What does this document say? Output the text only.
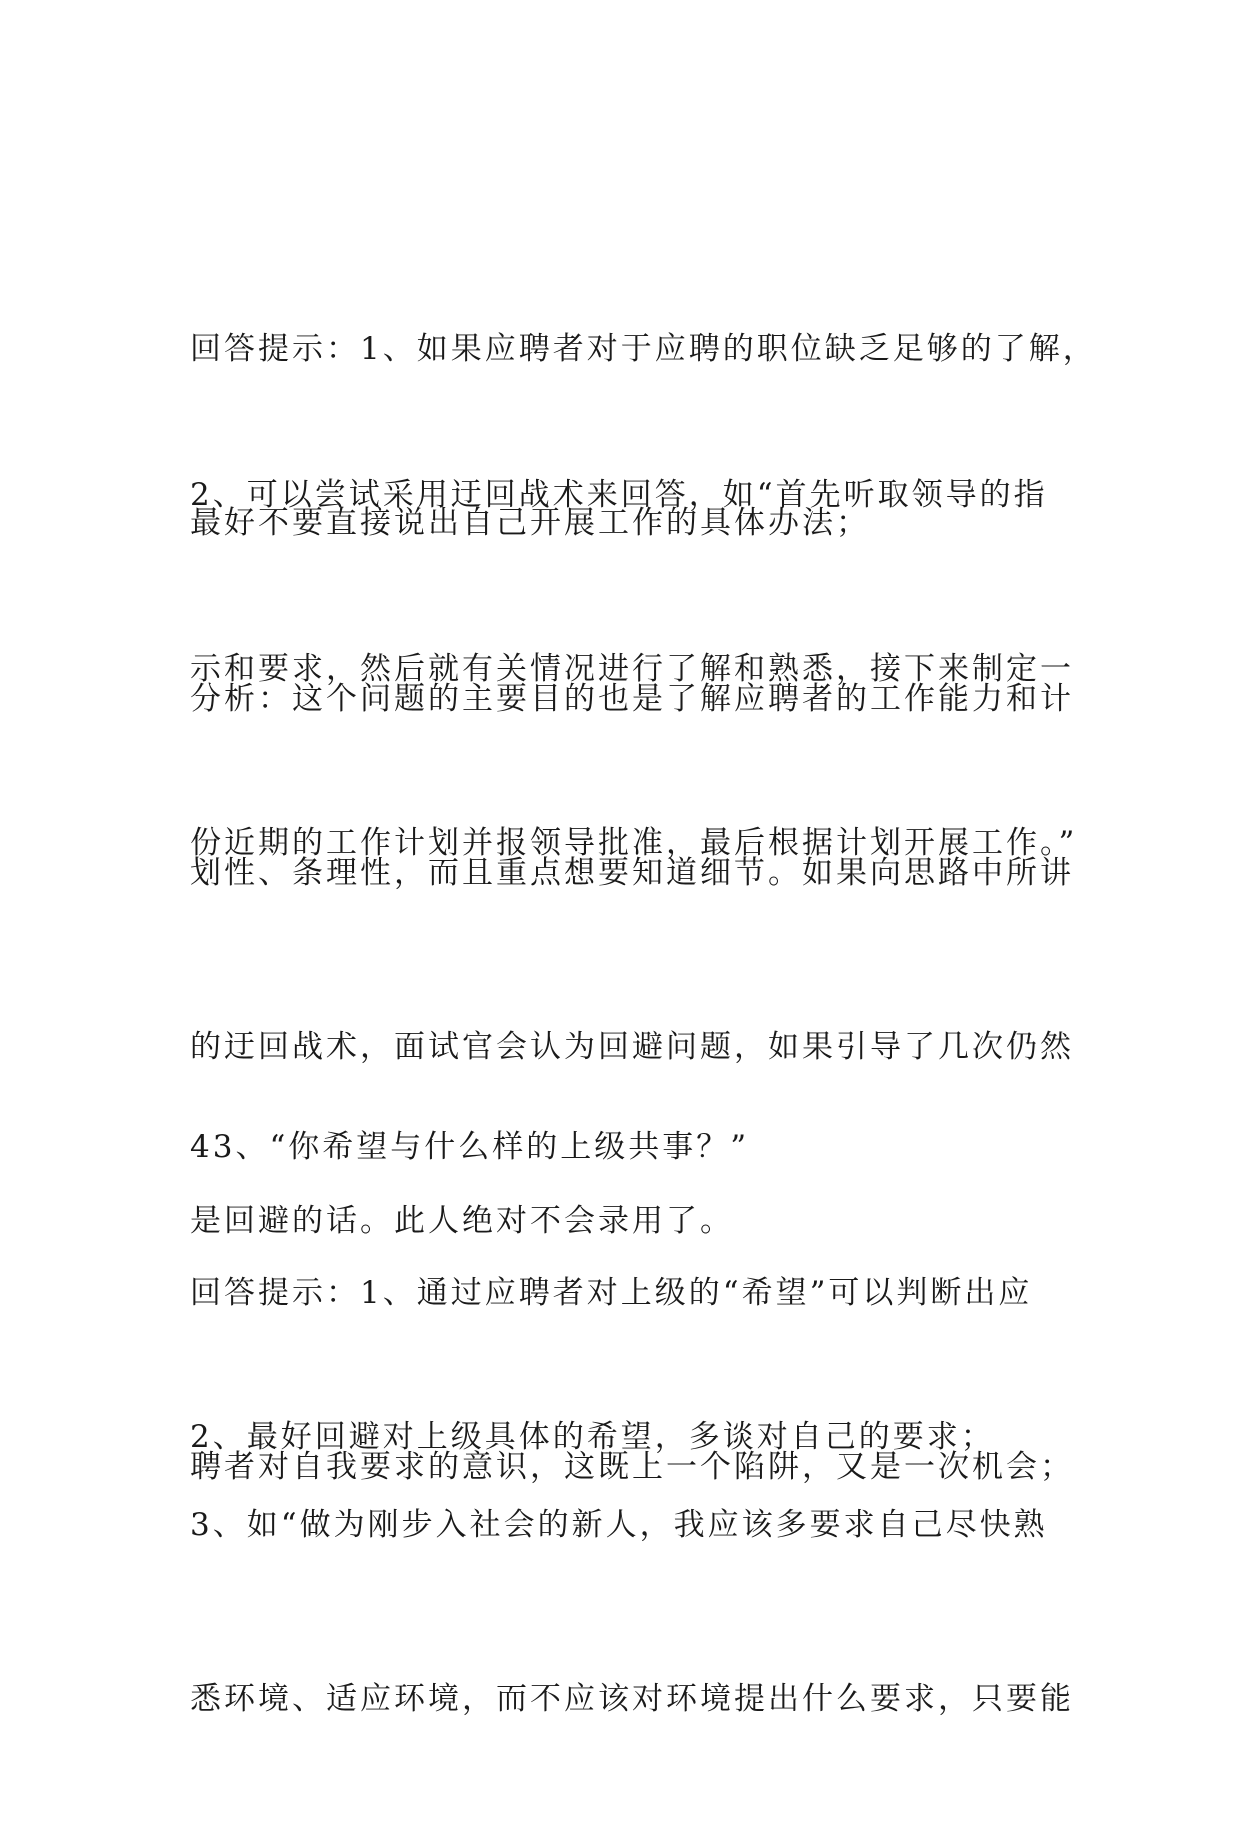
回答提示：1、如果应聘者对于应聘的职位缺乏足够的了解，

最好不要直接说出自己开展工作的具体办法；

2、可以尝试采用迂回战术来回答，如“首先听取领导的指

示和要求，然后就有关情况进行了解和熟悉，接下来制定一

份近期的工作计划并报领导批准，最后根据计划开展工作。”

分析：这个问题的主要目的也是了解应聘者的工作能力和计

划性、条理性，而且重点想要知道细节。如果向思路中所讲

的迂回战术，面试官会认为回避问题，如果引导了几次仍然

是回避的话。此人绝对不会录用了。

43、“你希望与什么样的上级共事？”

回答提示：1、通过应聘者对上级的“希望”可以判断出应

聘者对自我要求的意识，这既上一个陷阱，又是一次机会；

2、最好回避对上级具体的希望，多谈对自己的要求；

3、如“做为刚步入社会的新人，我应该多要求自己尽快熟

悉环境、适应环境，而不应该对环境提出什么要求，只要能
